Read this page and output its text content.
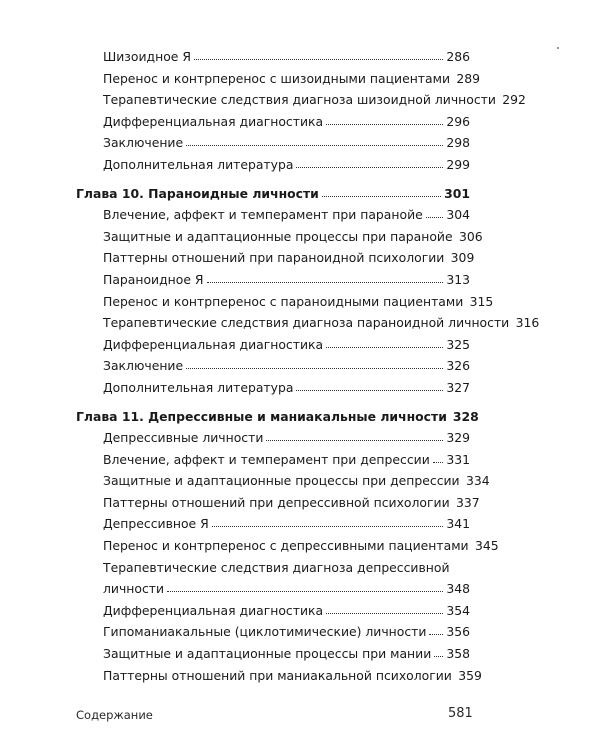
Шизоидное Я	286
Перенос и контрперенос с шизоидными пациентами 289
Терапевтические следствия диагноза шизоидной личности 292
Дифференциальная диагностика	296
Заключение	298
Дополнительная литература	299
Глава 10. Параноидные личности	301
Влечение, аффект и темперамент при паранойе 304
Защитные и адаптационные процессы при паранойе 306
Паттерны отношений при параноидной психологии 309
Параноидное Я	313
Перенос и контрперенос с параноидными пациентами 315
Терапевтические следствия диагноза параноидной личности 316
Дифференциальная диагностика	325
Заключение	326
Дополнительная литература	327
Глава 11. Депрессивные и маниакальные личности 328
Депрессивные личности	329
Влечение, аффект и темперамент при депрессии 331
Защитные и адаптационные процессы при депрессии 334
Паттерны отношений при депрессивной психологии 337
Депрессивное Я	341
Перенос и контрперенос с депрессивными пациентами 345
Терапевтические следствия диагноза депрессивной
личности	348
Дифференциальная диагностика	354
Гипоманиакальные (циклотимические) личности 356
Защитные и адаптационные процессы при мании 358
Паттерны отношений при маниакальной психологии 359
Содержание	581
